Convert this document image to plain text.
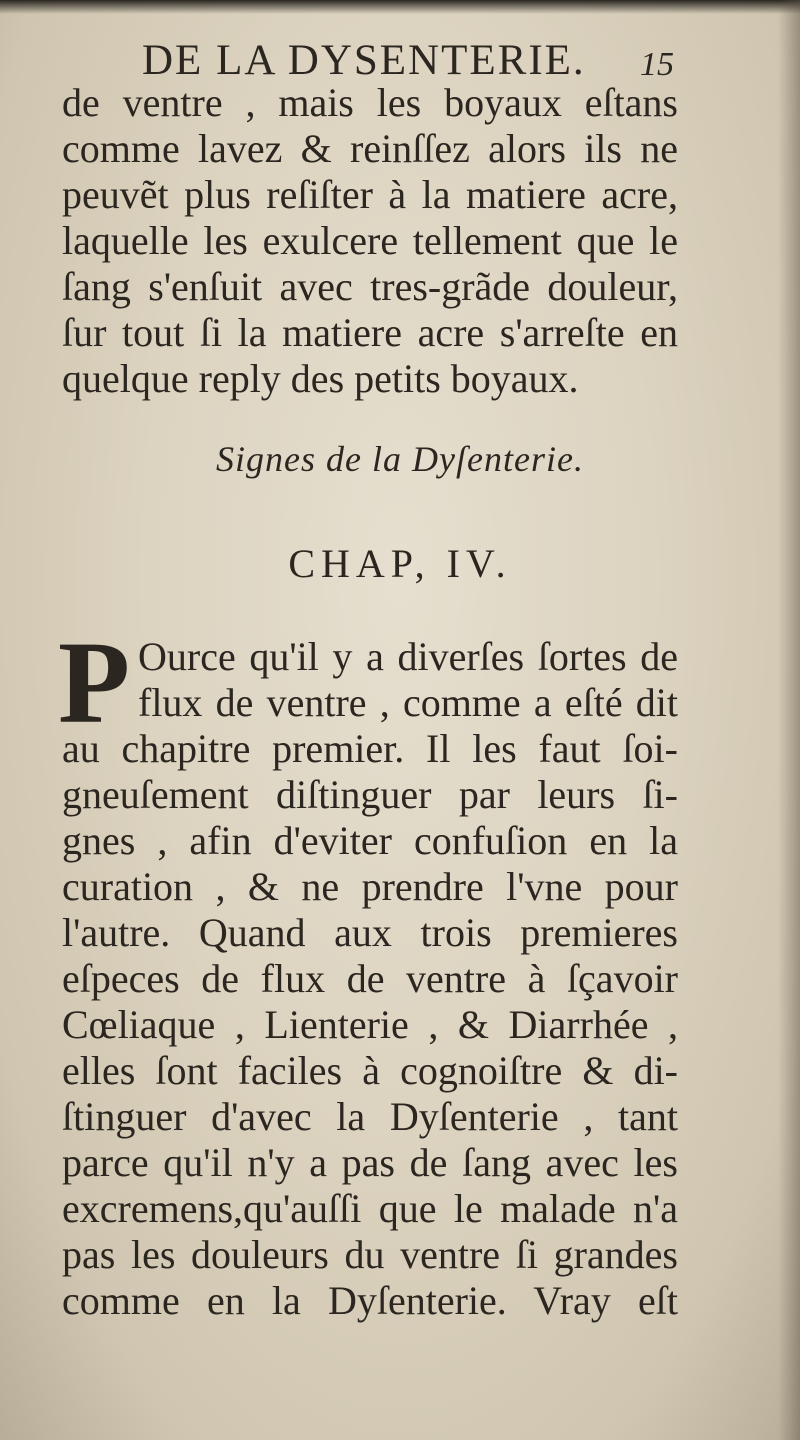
DE LA DYSENTERIE. 15
de ventre , mais les boyaux eſtans
comme lavez & reinſſez alors ils ne
peuvẽt plus reſiſter à la matiere acre,
laquelle les exulcere tellement que le
ſang s'enſuit avec tres-grãde douleur,
ſur tout ſi la matiere acre s'arreſte en
quelque reply des petits boyaux.
Signes de la Dyſenterie.
CHAP, IV.
P Ource qu'il y a diverſes ſortes de
flux de ventre , comme a eſté dit
au chapitre premier. Il les faut ſoi-
gneuſement diſtinguer par leurs ſi-
gnes , afin d'eviter confuſion en la
curation , & ne prendre l'vne pour
l'autre. Quand aux trois premieres
eſpeces de flux de ventre à ſçavoir
Cœliaque , Lienterie , & Diarrhée ,
elles ſont faciles à cognoiſtre & di-
ſtinguer d'avec la Dyſenterie , tant
parce qu'il n'y a pas de ſang avec les
excremens,qu'auſſi que le malade n'a
pas les douleurs du ventre ſi grandes
comme en la Dyſenterie. Vray eſt
